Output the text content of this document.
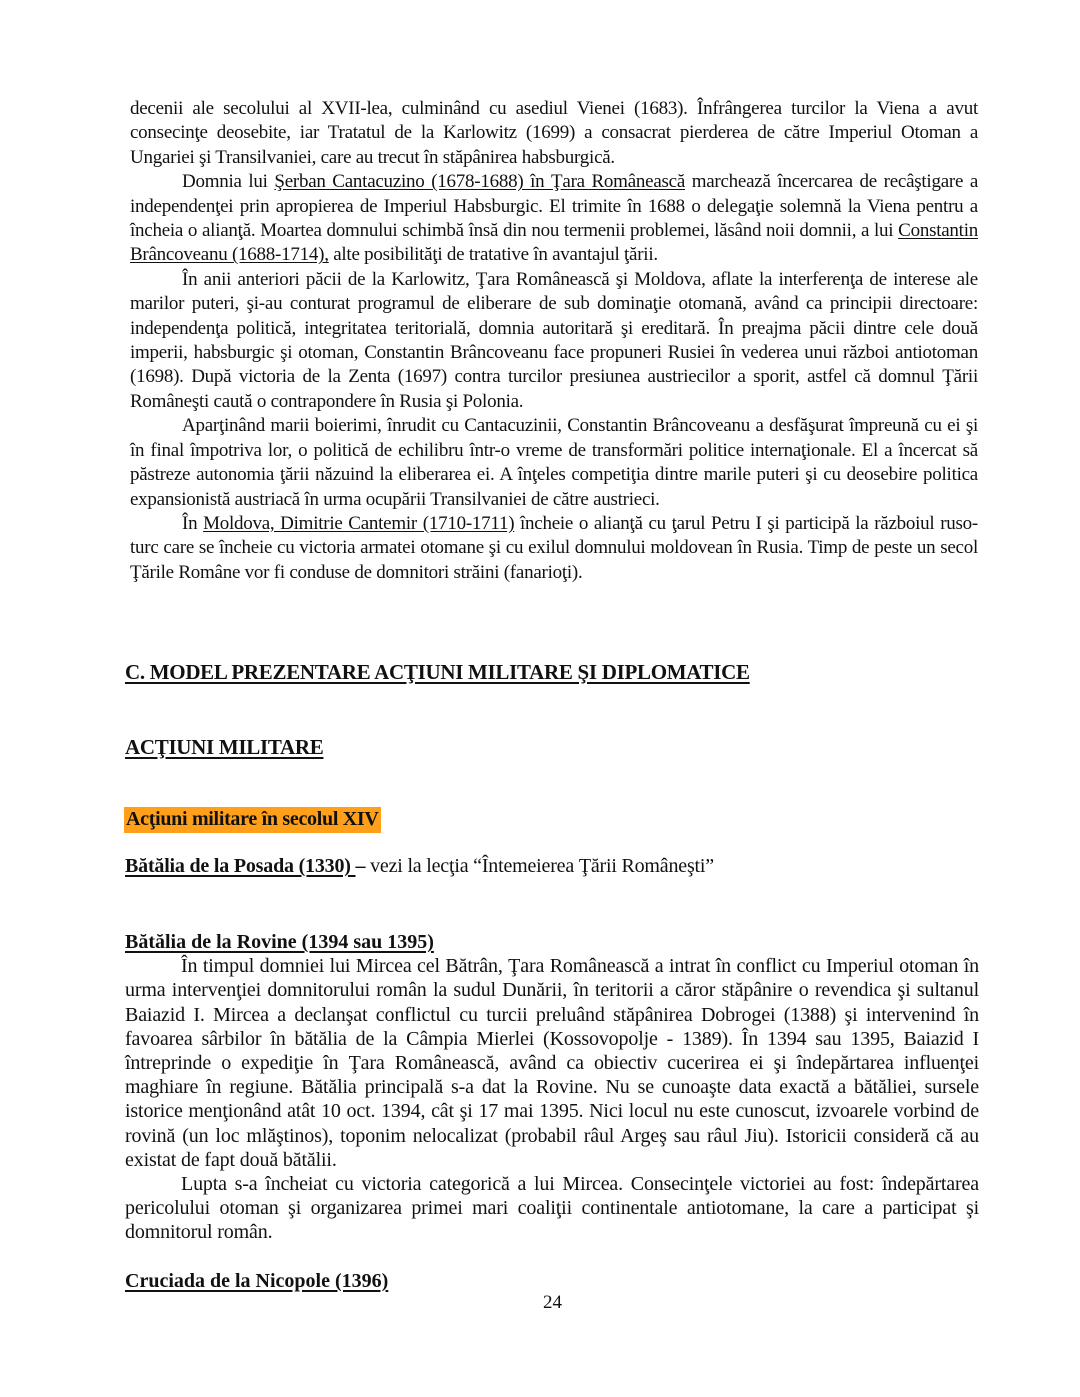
decenii ale secolului al XVII-lea, culminând cu asediul Vienei (1683). Înfrângerea turcilor la Viena a avut consecinţe deosebite, iar Tratatul de la Karlowitz (1699) a consacrat pierderea de către Imperiul Otoman a Ungariei şi Transilvaniei, care au trecut în stăpânirea habsburgică.

Domnia lui Şerban Cantacuzino (1678-1688) în Ţara Românească marchează încercarea de recâştigare a independenţei prin apropierea de Imperiul Habsburgic. El trimite în 1688 o delegaţie solemnă la Viena pentru a încheia o alianţă. Moartea domnului schimbă însă din nou termenii problemei, lăsând noii domnii, a lui Constantin Brâncoveanu (1688-1714), alte posibilităţi de tratative în avantajul ţării.

În anii anteriori păcii de la Karlowitz, Ţara Românească şi Moldova, aflate la interferenţa de interese ale marilor puteri, şi-au conturat programul de eliberare de sub dominaţie otomană, având ca principii directoare: independenţa politică, integritatea teritorială, domnia autoritară şi ereditară. În preajma păcii dintre cele două imperii, habsburgic şi otoman, Constantin Brâncoveanu face propuneri Rusiei în vederea unui război antiotoman (1698). După victoria de la Zenta (1697) contra turcilor presiunea austriecilor a sporit, astfel că domnul Ţării Româneşti caută o contrapondere în Rusia şi Polonia.

Aparţinând marii boierimi, înrudit cu Cantacuzinii, Constantin Brâncoveanu a desfăşurat împreună cu ei şi în final împotriva lor, o politică de echilibru într-o vreme de transformări politice internaţionale. El a încercat să păstreze autonomia ţării năzuind la eliberarea ei. A înţeles competiţia dintre marile puteri şi cu deosebire politica expansionistă austriacă în urma ocupării Transilvaniei de către austrieci.

În Moldova, Dimitrie Cantemir (1710-1711) încheie o alianţă cu ţarul Petru I şi participă la războiul ruso-turc care se încheie cu victoria armatei otomane şi cu exilul domnului moldovean în Rusia. Timp de peste un secol Ţările Române vor fi conduse de domnitori străini (fanarioţi).

C. MODEL PREZENTARE ACŢIUNI MILITARE ŞI DIPLOMATICE
ACŢIUNI MILITARE
Acţiuni militare în secolul XIV
Bătălia de la Posada (1330) – vezi la lecţia “Întemeierea Ţării Româneşti”
Bătălia de la Rovine (1394 sau 1395)

În timpul domniei lui Mircea cel Bătrân, Ţara Românească a intrat în conflict cu Imperiul otoman în urma intervenţiei domnitorului român la sudul Dunării, în teritorii a căror stăpânire o revendica şi sultanul Baiazid I. Mircea a declanşat conflictul cu turcii preluând stăpânirea Dobrogei (1388) şi intervenind în favoarea sârbilor în bătălia de la Câmpia Mierlei (Kossovopolje - 1389). În 1394 sau 1395, Baiazid I întreprinde o expediţie în Ţara Românească, având ca obiectiv cucerirea ei şi îndepărtarea influenţei maghiare în regiune. Bătălia principală s-a dat la Rovine. Nu se cunoaşte data exactă a bătăliei, sursele istorice menţionând atât 10 oct. 1394, cât şi 17 mai 1395. Nici locul nu este cunoscut, izvoarele vorbind de rovină (un loc mlăştinos), toponim nelocalizat (probabil râul Argeş sau râul Jiu). Istoricii consideră că au existat de fapt două bătălii.

Lupta s-a încheiat cu victoria categorică a lui Mircea. Consecinţele victoriei au fost: îndepărtarea pericolului otoman şi organizarea primei mari coaliţii continentale antiotomane, la care a participat şi domnitorul român.

Cruciada de la Nicopole (1396)
24
